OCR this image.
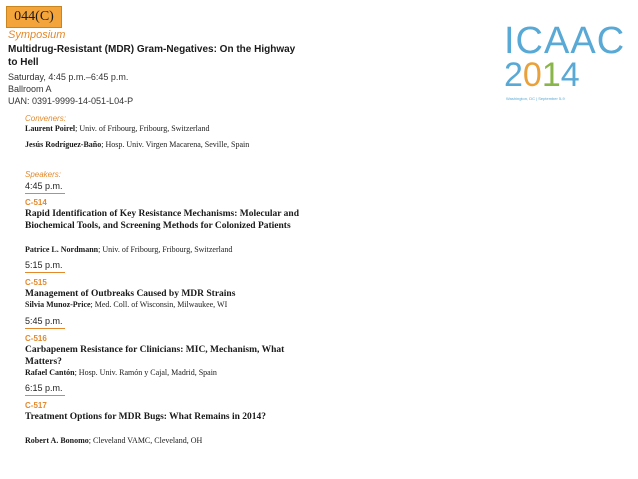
044(C)
Symposium
Multidrug-Resistant (MDR) Gram-Negatives: On the Highway to Hell
Saturday, 4:45 p.m.–6:45 p.m.
Ballroom A
UAN: 0391-9999-14-051-L04-P
ICAAC
2 0 1 4
Washington, DC | September 5-9
Conveners:
Laurent Poirel; Univ. of Fribourg, Fribourg, Switzerland
Jesús Rodríguez-Baño; Hosp. Univ. Virgen Macarena, Seville, Spain
Speakers:
4:45 p.m.
C-514
Rapid Identification of Key Resistance Mechanisms: Molecular and Biochemical Tools, and Screening Methods for Colonized Patients
Patrice L. Nordmann; Univ. of Fribourg, Fribourg, Switzerland
5:15 p.m.
C-515
Management of Outbreaks Caused by MDR Strains
Silvia Munoz-Price; Med. Coll. of Wisconsin, Milwaukee, WI
5:45 p.m.
C-516
Carbapenem Resistance for Clinicians: MIC, Mechanism, What Matters?
Rafael Cantón; Hosp. Univ. Ramón y Cajal, Madrid, Spain
6:15 p.m.
C-517
Treatment Options for MDR Bugs: What Remains in 2014?
Robert A. Bonomo; Cleveland VAMC, Cleveland, OH
